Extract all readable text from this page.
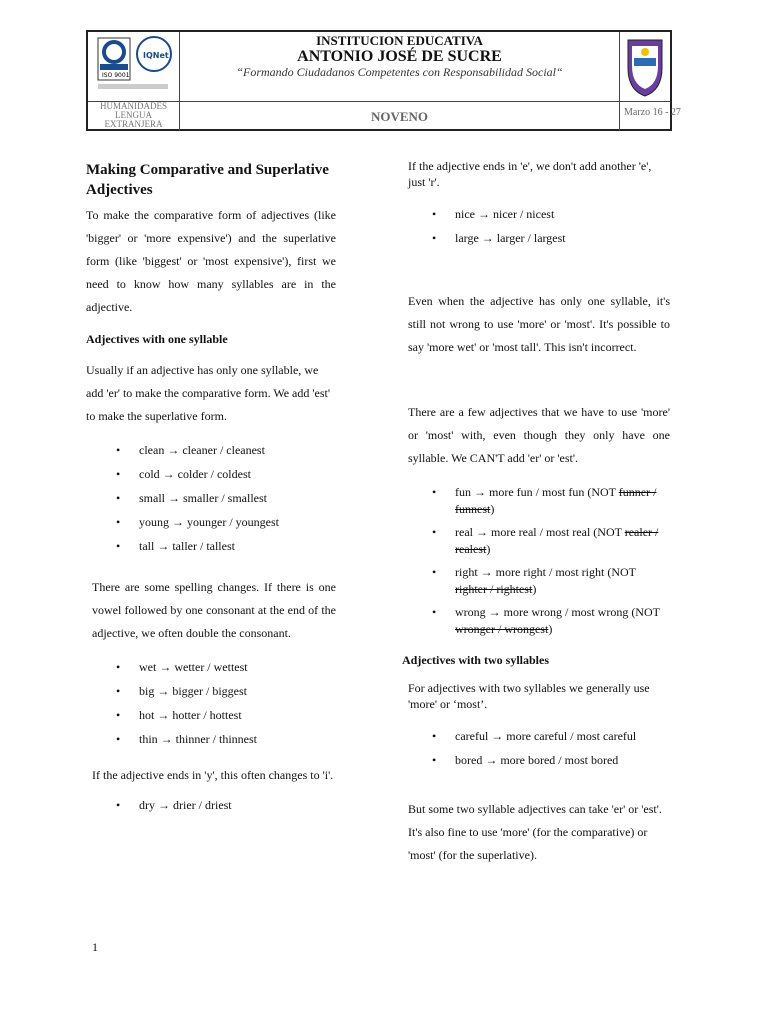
ISO 9001
IQNet
INSTITUCION EDUCATIVA
ANTONIO JOSÉ DE SUCRE
“Formando Ciudadanos Competentes con Responsabilidad Social“
HUMANIDADES LENGUA EXTRANJERA	NOVENO	Marzo 16 - 27
Making Comparative and Superlative Adjectives

To make the comparative form of adjectives (like 'bigger' or 'more expensive') and the superlative form (like 'biggest' or 'most expensive'), first we need to know how many syllables are in the adjective.

Adjectives with one syllable

Usually if an adjective has only one syllable, we add 'er' to make the comparative form. We add 'est' to make the superlative form.

• clean → cleaner / cleanest
• cold → colder / coldest
• small → smaller / smallest
• young → younger / youngest
• tall → taller / tallest

There are some spelling changes. If there is one vowel followed by one consonant at the end of the adjective, we often double the consonant.

• wet → wetter / wettest
• big → bigger / biggest
• hot → hotter / hottest
• thin → thinner / thinnest

If the adjective ends in 'y', this often changes to 'i'.

• dry → drier / driest

If the adjective ends in 'e', we don't add another 'e', just 'r'.

• nice → nicer / nicest
• large → larger / largest

Even when the adjective has only one syllable, it's still not wrong to use 'more' or 'most'. It's possible to say 'more wet' or 'most tall'. This isn't incorrect.

There are a few adjectives that we have to use 'more' or 'most' with, even though they only have one syllable. We CAN'T add 'er' or 'est'.

• fun → more fun / most fun (NOT funner / funnest)
• real → more real / most real (NOT realer / realest)
• right → more right / most right (NOT righter / rightest)
• wrong → more wrong / most wrong (NOT wronger / wrongest)
Adjectives with two syllables

For adjectives with two syllables we generally use 'more' or ‘most’.

• careful → more careful / most careful
• bored → more bored / most bored

But some two syllable adjectives can take 'er' or 'est'. It's also fine to use 'more' (for the comparative) or 'most' (for the superlative).

1
